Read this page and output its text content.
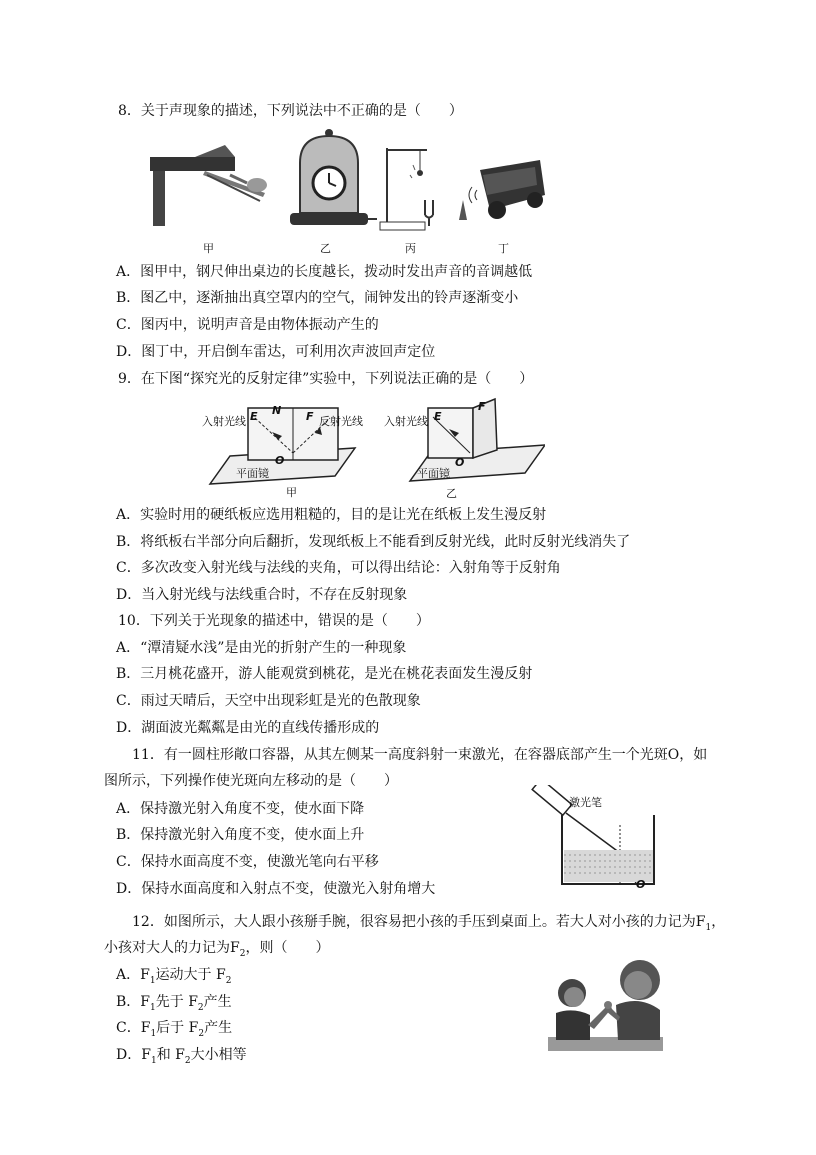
8．关于声现象的描述，下列说法中不正确的是（　　）
甲	乙	丙	丁
A．图甲中，钢尺伸出桌边的长度越长，拨动时发出声音的音调越低
B．图乙中，逐渐抽出真空罩内的空气，闹钟发出的铃声逐渐变小
C．图丙中，说明声音是由物体振动产生的
D．图丁中，开启倒车雷达，可利用次声波回声定位
9．在下图“探究光的反射定律”实验中，下列说法正确的是（　　）
入射光线	反射光线
E N F
O
平面镜
甲
入射光线 E
F
O
平面镜
乙
A．实验时用的硬纸板应选用粗糙的，目的是让光在纸板上发生漫反射
B．将纸板右半部分向后翻折，发现纸板上不能看到反射光线，此时反射光线消失了
C．多次改变入射光线与法线的夹角，可以得出结论：入射角等于反射角
D．当入射光线与法线重合时，不存在反射现象
10．下列关于光现象的描述中，错误的是（　　）
A．“潭清疑水浅”是由光的折射产生的一种现象
B．三月桃花盛开，游人能观赏到桃花，是光在桃花表面发生漫反射
C．雨过天晴后，天空中出现彩虹是光的色散现象
D．湖面波光粼粼是由光的直线传播形成的
11．有一圆柱形敞口容器，从其左侧某一高度斜射一束激光，在容器底部产生一个光斑O，如
图所示，下列操作使光斑向左移动的是（　　）
激光笔
O
A．保持激光射入角度不变，使水面下降
B．保持激光射入角度不变，使水面上升
C．保持水面高度不变，使激光笔向右平移
D．保持水面高度和入射点不变，使激光入射角增大
12．如图所示，大人跟小孩掰手腕，很容易把小孩的手压到桌面上。若大人对小孩的力记为$F_1$，
小孩对大人的力记为$F_2$，则（　　）
A．$F_1$运动大于 $F_2$
B．$F_1$先于 $F_2$产生
C．$F_1$后于 $F_2$产生
D．$F_1$和 $F_2$大小相等
